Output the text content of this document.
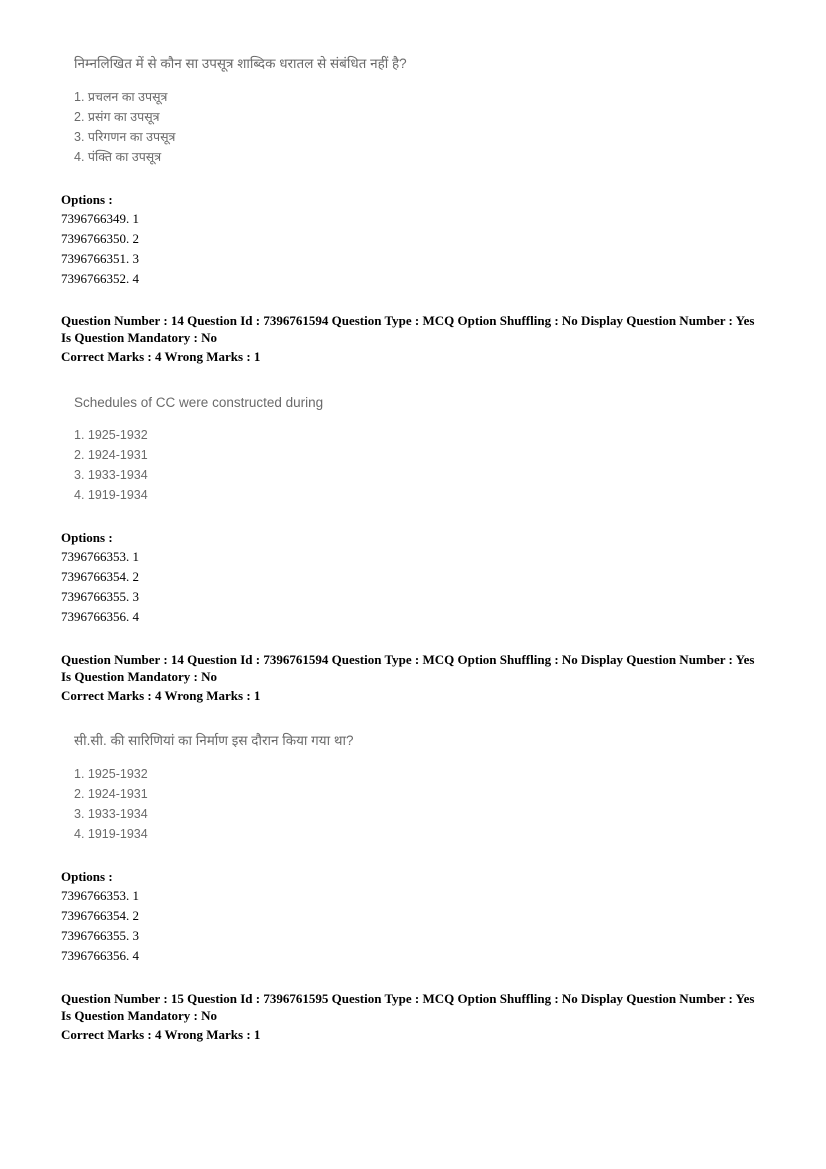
निम्नलिखित में से कौन सा उपसूत्र शाब्दिक धरातल से संबंधित नहीं है?

1. प्रचलन का उपसूत्र
2. प्रसंग का उपसूत्र
3. परिगणन का उपसूत्र
4. पंक्ति का उपसूत्र
Options :
7396766349. 1
7396766350. 2
7396766351. 3
7396766352. 4
Question Number : 14 Question Id : 7396761594 Question Type : MCQ Option Shuffling : No Display Question Number : Yes
Is Question Mandatory : No
Correct Marks : 4 Wrong Marks : 1

Schedules of CC were constructed during

1. 1925-1932
2. 1924-1931
3. 1933-1934
4. 1919-1934
Options :
7396766353. 1
7396766354. 2
7396766355. 3
7396766356. 4
Question Number : 14 Question Id : 7396761594 Question Type : MCQ Option Shuffling : No Display Question Number : Yes
Is Question Mandatory : No
Correct Marks : 4 Wrong Marks : 1

सी.सी. की सारिणियां का निर्माण इस दौरान किया गया था?

1. 1925-1932
2. 1924-1931
3. 1933-1934
4. 1919-1934
Options :
7396766353. 1
7396766354. 2
7396766355. 3
7396766356. 4
Question Number : 15 Question Id : 7396761595 Question Type : MCQ Option Shuffling : No Display Question Number : Yes
Is Question Mandatory : No
Correct Marks : 4 Wrong Marks : 1
